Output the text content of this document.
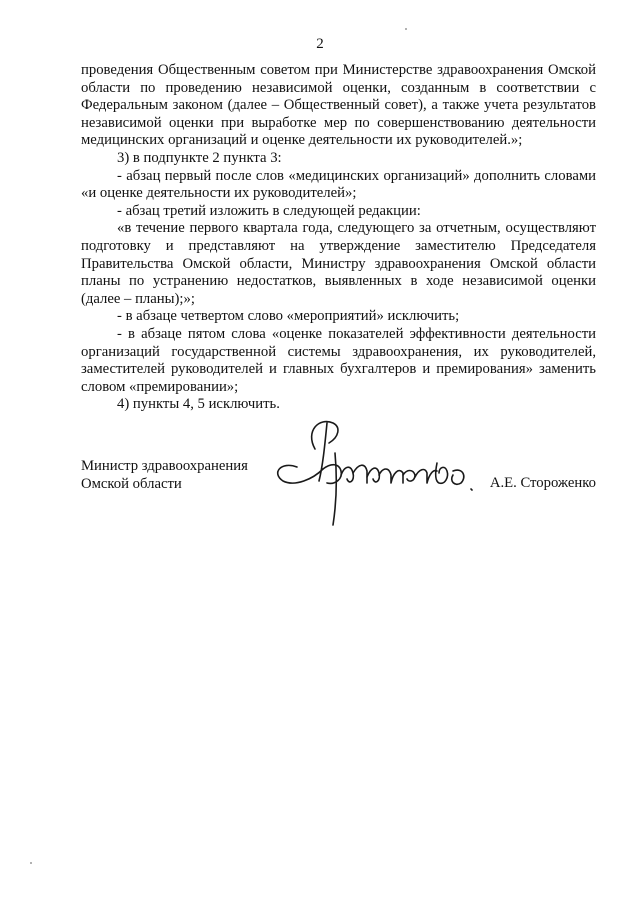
2

проведения Общественным советом при Министерстве здравоохранения Омской области по проведению независимой оценки, созданным в соответствии с Федеральным законом (далее – Общественный совет), а также учета результатов независимой оценки при выработке мер по совершенствованию деятельности медицинских организаций и оценке деятельности их руководителей.»;

3) в подпункте 2 пункта 3:

- абзац первый после слов «медицинских организаций» дополнить словами «и оценке деятельности их руководителей»;

- абзац третий изложить в следующей редакции:

«в течение первого квартала года, следующего за отчетным, осуществляют подготовку и представляют на утверждение заместителю Председателя Правительства Омской области, Министру здравоохранения Омской области планы по устранению недостатков, выявленных в ходе независимой оценки (далее – планы);»;

- в абзаце четвертом слово «мероприятий» исключить;

- в абзаце пятом слова «оценке показателей эффективности деятельности организаций государственной системы здравоохранения, их руководителей, заместителей руководителей и главных бухгалтеров и премирования» заменить словом «премировании»;

4) пункты 4, 5 исключить.

Министр здравоохранения
Омской области	А.Е. Стороженко
